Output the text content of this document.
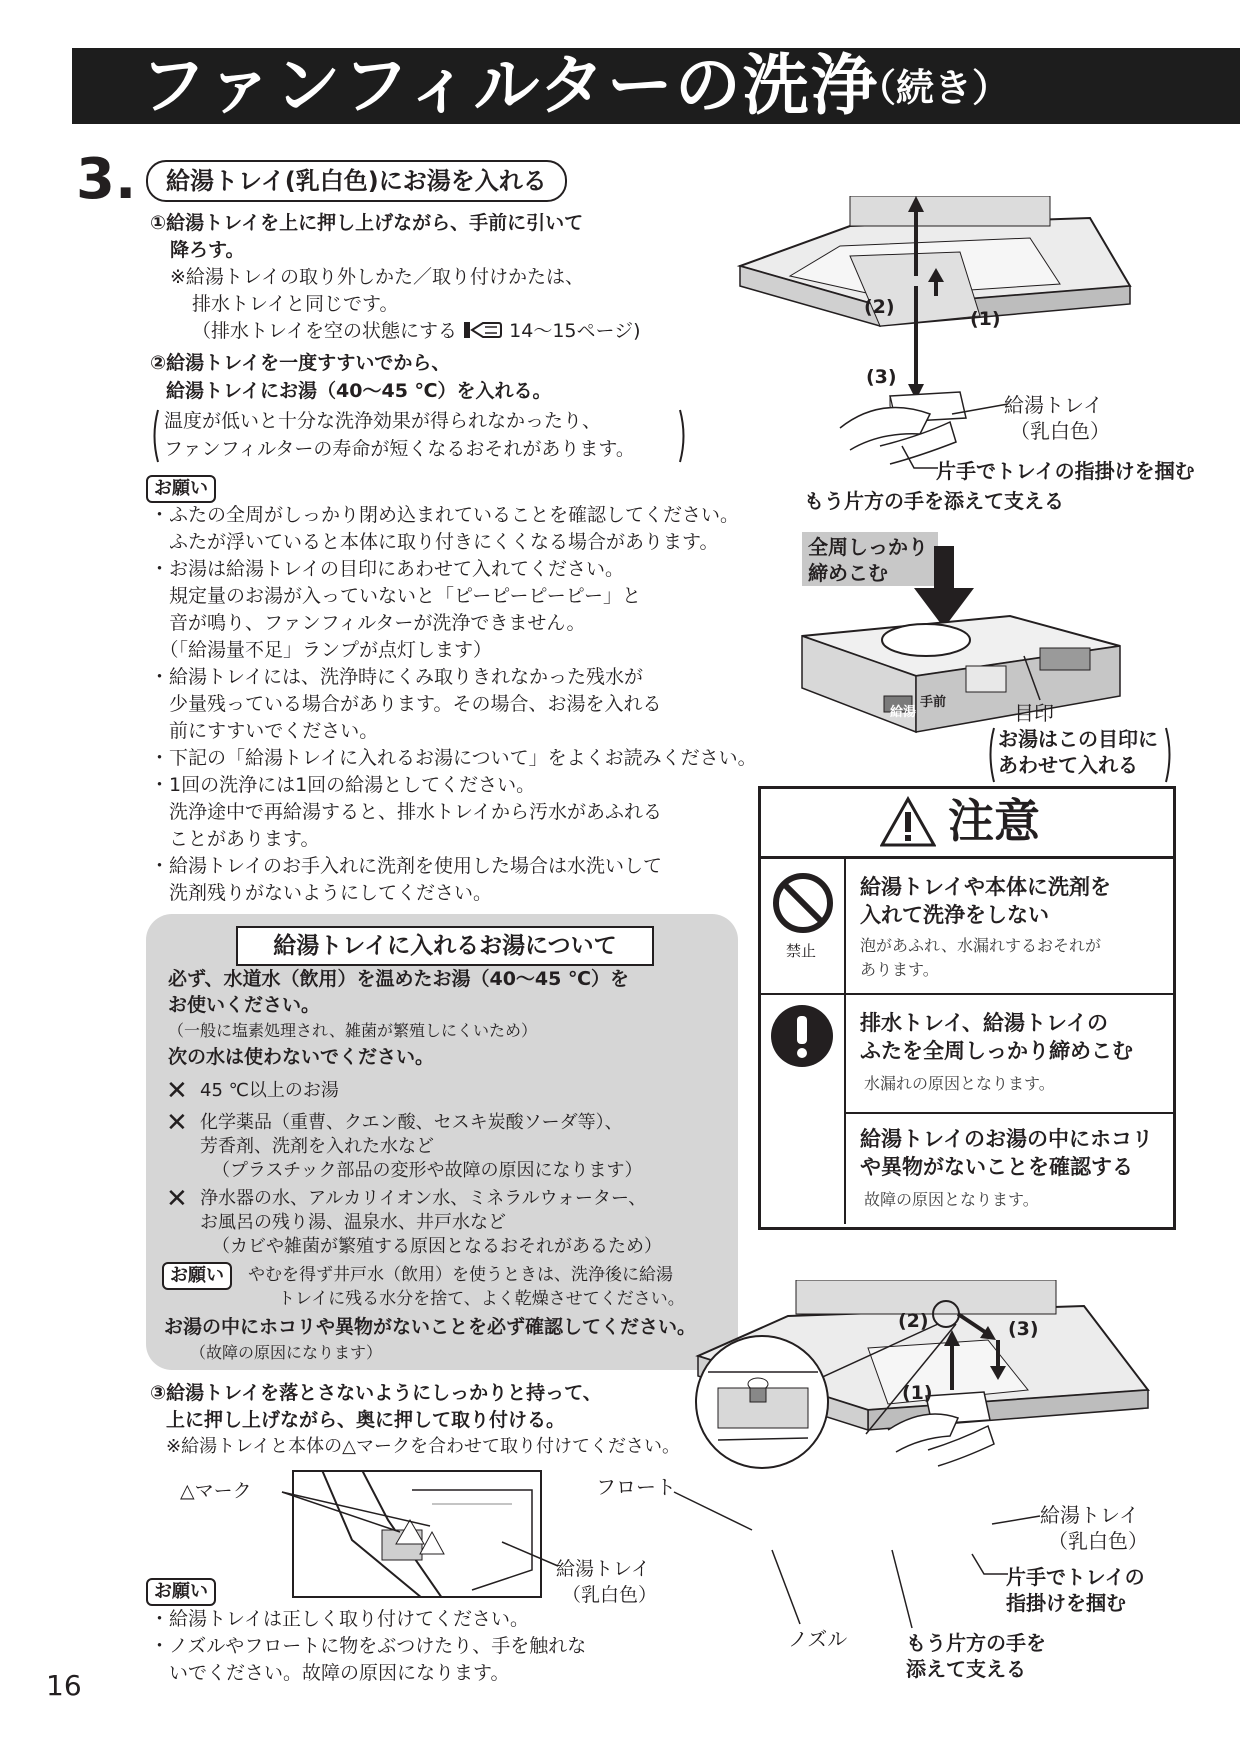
ファンフィルターの洗浄
（続き）
3.	給湯トレイ(乳白色)にお湯を入れる
①給湯トレイを上に押し上げながら、手前に引いて
降ろす。
※給湯トレイの取り外しかた／取り付けかたは、
排水トレイと同じです。
（排水トレイを空の状態にする	14〜15ページ)
②給湯トレイを一度すすいでから、
給湯トレイにお湯（40〜45 ℃）を入れる。
温度が低いと十分な洗浄効果が得られなかったり、
ファンフィルターの寿命が短くなるおそれがあります。
お願い
・ふたの全周がしっかり閉め込まれていることを確認してください。
　ふたが浮いていると本体に取り付きにくくなる場合があります。
・お湯は給湯トレイの目印にあわせて入れてください。
　規定量のお湯が入っていないと「ピーピーピーピー」と
　音が鳴り、ファンフィルターが洗浄できません。
　（「給湯量不足」ランプが点灯します）
・給湯トレイには、洗浄時にくみ取りきれなかった残水が
　少量残っている場合があります。その場合、お湯を入れる
　前にすすいでください。
・下記の「給湯トレイに入れるお湯について」をよくお読みください。
・1回の洗浄には1回の給湯としてください。
　洗浄途中で再給湯すると、排水トレイから汚水があふれる
　ことがあります。
・給湯トレイのお手入れに洗剤を使用した場合は水洗いして
　洗剤残りがないようにしてください。
給湯トレイに入れるお湯について
必ず、水道水（飲用）を温めたお湯（40〜45 ℃）を
お使いください。
（一般に塩素処理され、雑菌が繁殖しにくいため）
次の水は使わないでください。
✕ 45 ℃以上のお湯
✕ 化学薬品（重曹、クエン酸、セスキ炭酸ソーダ等）、
芳香剤、洗剤を入れた水など
（プラスチック部品の変形や故障の原因になります）
✕ 浄水器の水、アルカリイオン水、ミネラルウォーター、
お風呂の残り湯、温泉水、井戸水など
（カビや雑菌が繁殖する原因となるおそれがあるため）
お願い	やむを得ず井戸水（飲用）を使うときは、洗浄後に給湯
トレイに残る水分を捨て、よく乾燥させてください。
お湯の中にホコリや異物がないことを必ず確認してください。
（故障の原因になります）
③給湯トレイを落とさないようにしっかりと持って、
上に押し上げながら、奥に押して取り付ける。
※給湯トレイと本体の△マークを合わせて取り付けてください。
△マーク
給湯トレイ
（乳白色）
お願い
・給湯トレイは正しく取り付けてください。
・ノズルやフロートに物をぶつけたり、手を触れな
　いでください。故障の原因になります。
(2)
(1)
(3)
給湯トレイ
（乳白色）
片手でトレイの指掛けを掴む
もう片方の手を添えて支える
全周しっかり
締めこむ
給湯
手前	目印
お湯はこの目印に
あわせて入れる
注意
禁止
給湯トレイや本体に洗剤を
入れて洗浄をしない
泡があふれ、水漏れするおそれが
あります。
排水トレイ、給湯トレイの
ふたを全周しっかり締めこむ
水漏れの原因となります。
給湯トレイのお湯の中にホコリ
や異物がないことを確認する
故障の原因となります。
(2)	(3)
(1)
フロート
ノズル
給湯トレイ
（乳白色）
片手でトレイの
指掛けを掴む
もう片方の手を
添えて支える
16
